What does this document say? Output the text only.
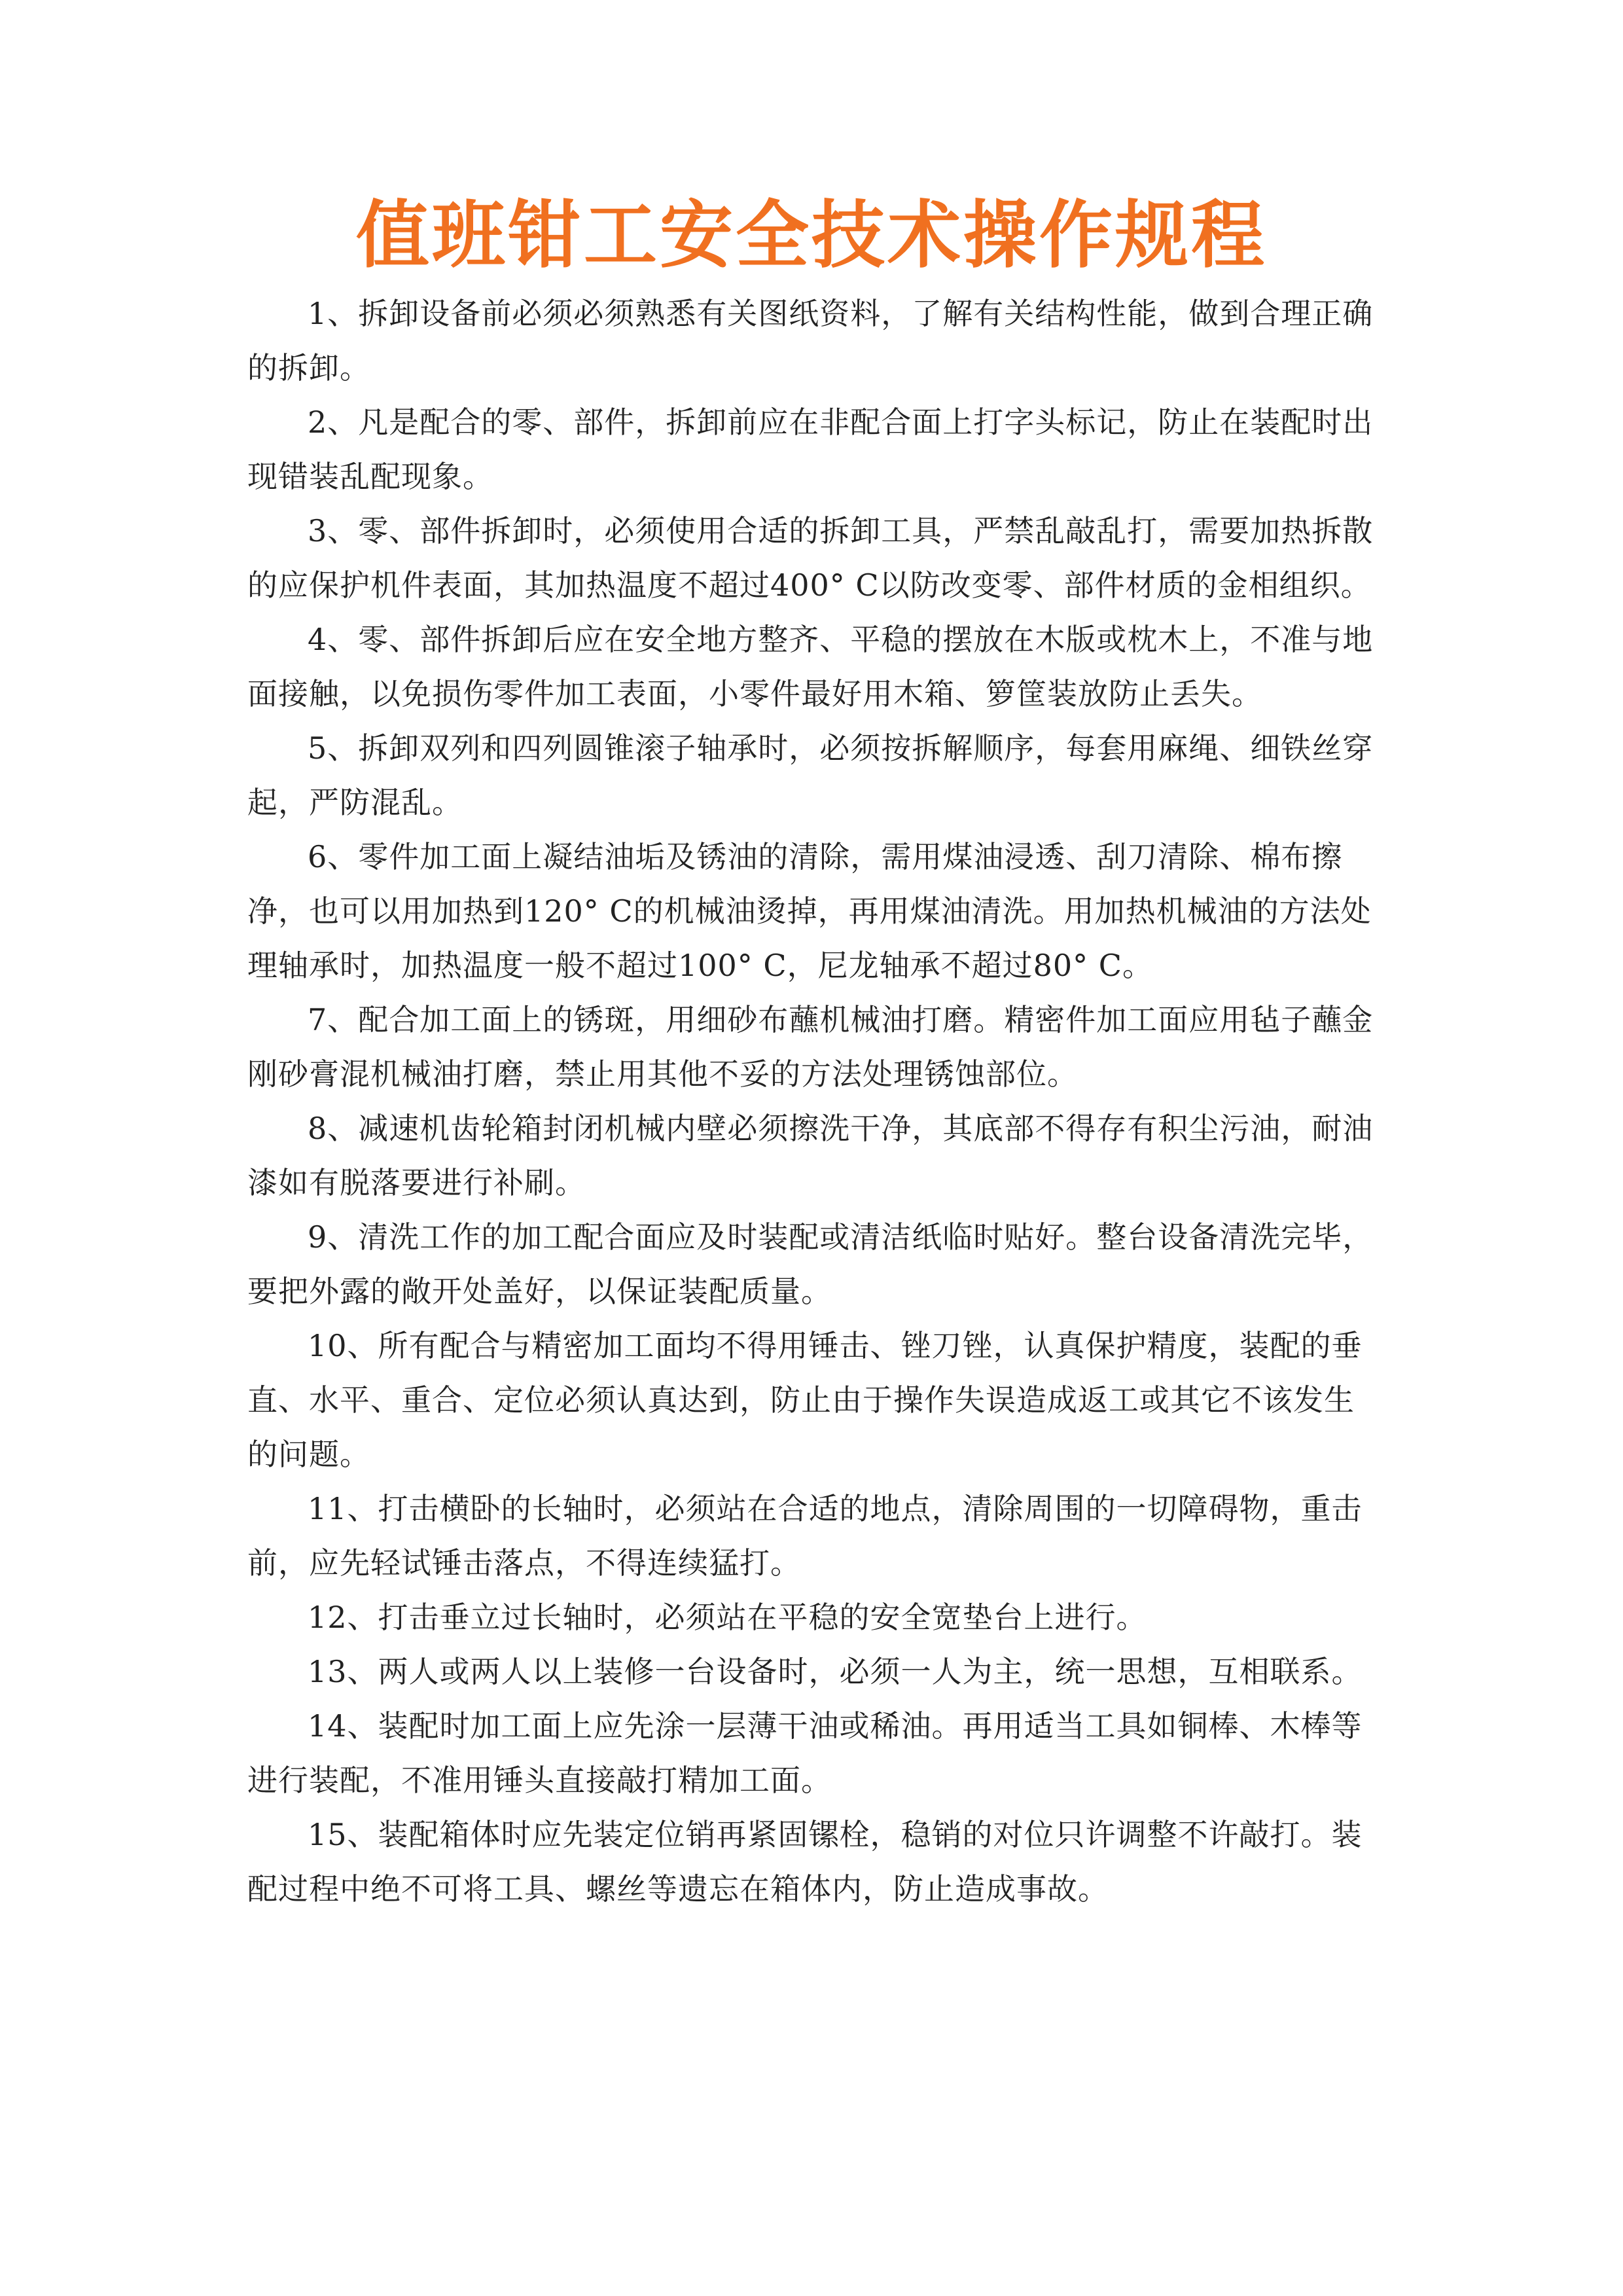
值班钳工安全技术操作规程

1、拆卸设备前必须必须熟悉有关图纸资料，了解有关结构性能，做到合理正确的拆卸。

2、凡是配合的零、部件，拆卸前应在非配合面上打字头标记，防止在装配时出现错装乱配现象。

3、零、部件拆卸时，必须使用合适的拆卸工具，严禁乱敲乱打，需要加热拆散的应保护机件表面，其加热温度不超过400° C以防改变零、部件材质的金相组织。

4、零、部件拆卸后应在安全地方整齐、平稳的摆放在木版或枕木上，不准与地面接触，以免损伤零件加工表面，小零件最好用木箱、箩筐装放防止丢失。

5、拆卸双列和四列圆锥滚子轴承时，必须按拆解顺序，每套用麻绳、细铁丝穿起，严防混乱。

6、零件加工面上凝结油垢及锈油的清除，需用煤油浸透、刮刀清除、棉布擦净，也可以用加热到120° C的机械油烫掉，再用煤油清洗。用加热机械油的方法处理轴承时，加热温度一般不超过100° C，尼龙轴承不超过80° C。

7、配合加工面上的锈斑，用细砂布蘸机械油打磨。精密件加工面应用毡子蘸金刚砂膏混机械油打磨，禁止用其他不妥的方法处理锈蚀部位。

8、减速机齿轮箱封闭机械内壁必须擦洗干净，其底部不得存有积尘污油，耐油漆如有脱落要进行补刷。

9、清洗工作的加工配合面应及时装配或清洁纸临时贴好。整台设备清洗完毕，要把外露的敞开处盖好，以保证装配质量。

10、所有配合与精密加工面均不得用锤击、锉刀锉，认真保护精度，装配的垂直、水平、重合、定位必须认真达到，防止由于操作失误造成返工或其它不该发生的问题。

11、打击横卧的长轴时，必须站在合适的地点，清除周围的一切障碍物，重击前，应先轻试锤击落点，不得连续猛打。

12、打击垂立过长轴时，必须站在平稳的安全宽垫台上进行。

13、两人或两人以上装修一台设备时，必须一人为主，统一思想，互相联系。

14、装配时加工面上应先涂一层薄干油或稀油。再用适当工具如铜棒、木棒等进行装配，不准用锤头直接敲打精加工面。

15、装配箱体时应先装定位销再紧固镙栓，稳销的对位只许调整不许敲打。装配过程中绝不可将工具、螺丝等遗忘在箱体内，防止造成事故。
